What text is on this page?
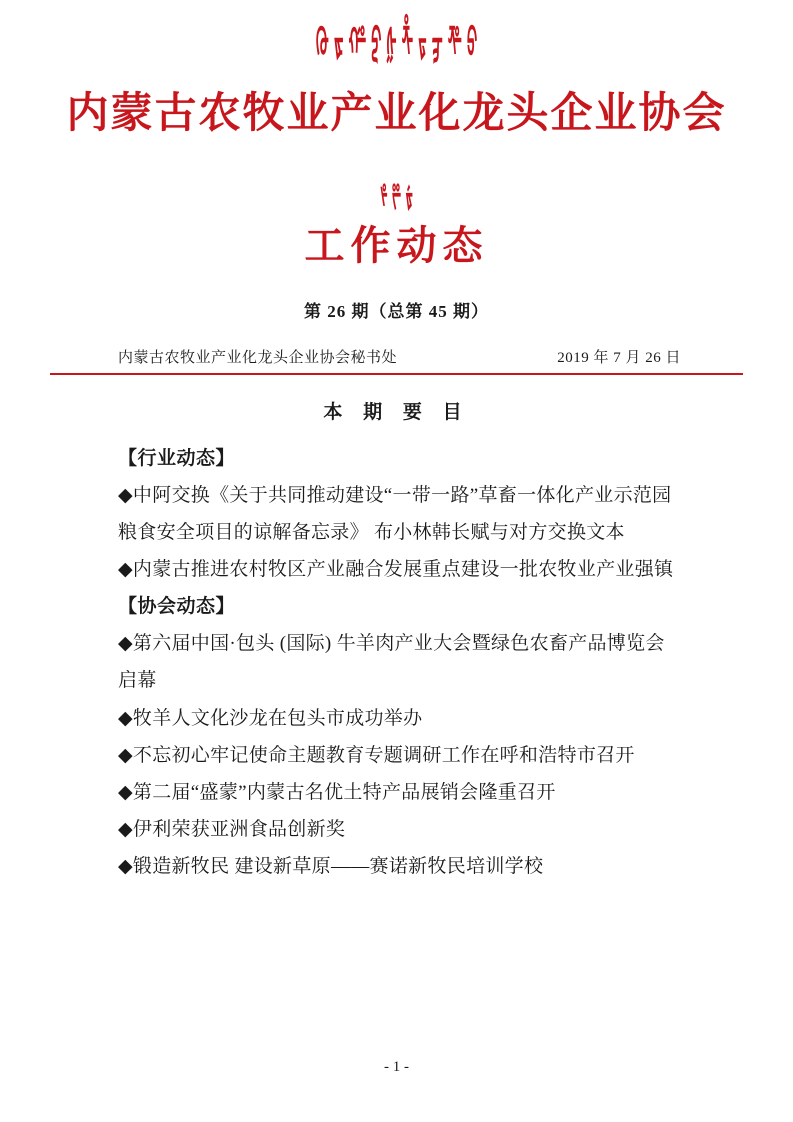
ᢙ ᢘ ᢚ ᢓ ᢔ ᢜ ᢑ ᢖ ᢝ ᢒ
内蒙古农牧业产业化龙头企业协会
ᢞ ᢟ ᢠ
工作动态
第 26 期（总第 45 期）
内蒙古农牧业产业化龙头企业协会秘书处	2019 年 7 月 26 日
本 期 要 目
【行业动态】
◆中阿交换《关于共同推动建设“一带一路”草畜一体化产业示范园粮食安全项目的谅解备忘录》 布小林韩长赋与对方交换文本
◆内蒙古推进农村牧区产业融合发展重点建设一批农牧业产业强镇
【协会动态】
◆第六届中国·包头 (国际) 牛羊肉产业大会暨绿色农畜产品博览会启幕
◆牧羊人文化沙龙在包头市成功举办
◆不忘初心牢记使命主题教育专题调研工作在呼和浩特市召开
◆第二届“盛蒙”内蒙古名优土特产品展销会隆重召开
◆伊利荣获亚洲食品创新奖
◆锻造新牧民 建设新草原——赛诺新牧民培训学校
- 1 -
